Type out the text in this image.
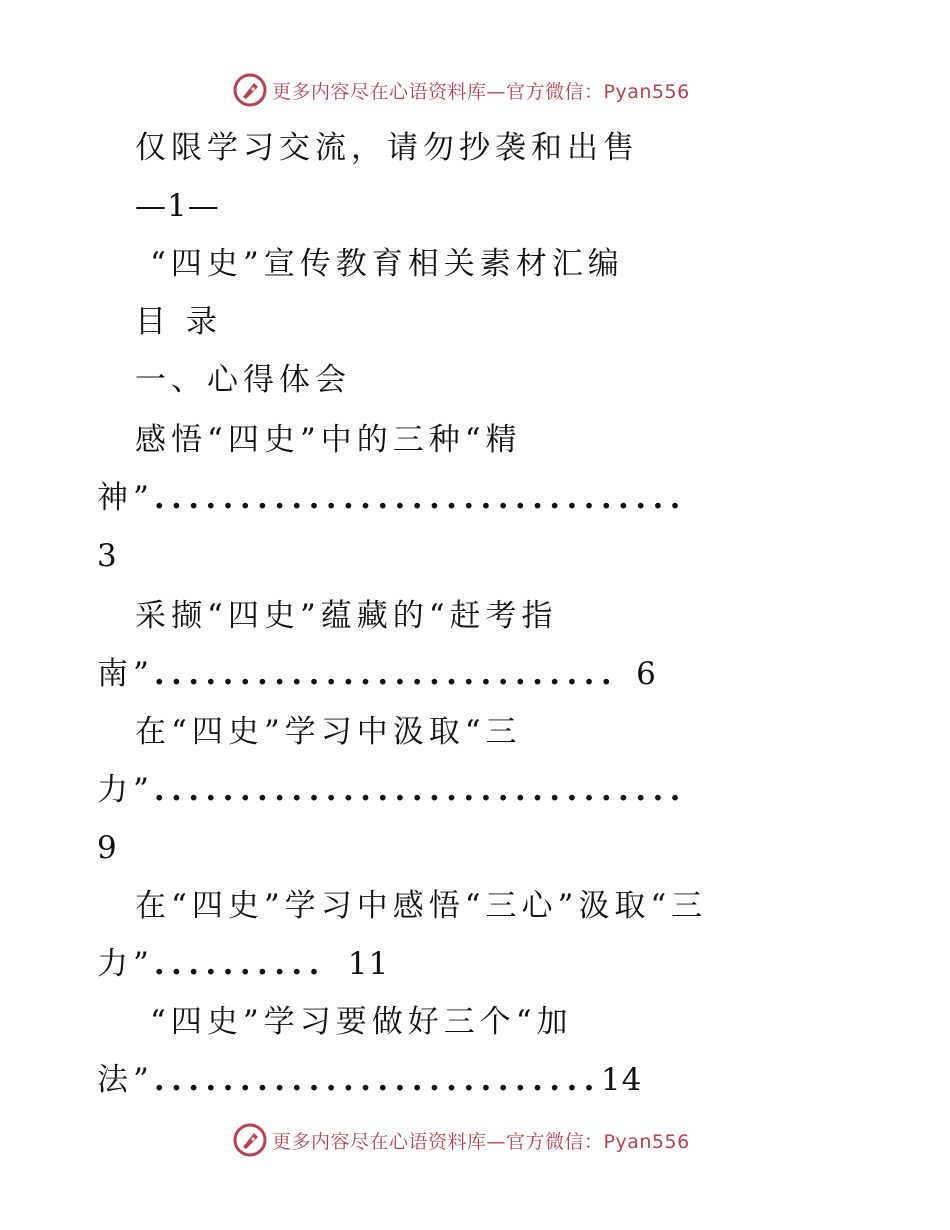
更多内容尽在心语资料库—官方微信：Pyan556
仅限学习交流，请勿抄袭和出售
—1—
“四史”宣传教育相关素材汇编
目 录
一、心得体会
感悟“四史”中的三种“精
神”...............................
3
采撷“四史”蕴藏的“赶考指
南”........................... 6
在“四史”学习中汲取“三
力”...............................
9
在“四史”学习中感悟“三心”汲取“三
力”.......... 11
“四史”学习要做好三个“加
法”..........................14
更多内容尽在心语资料库—官方微信：Pyan556
